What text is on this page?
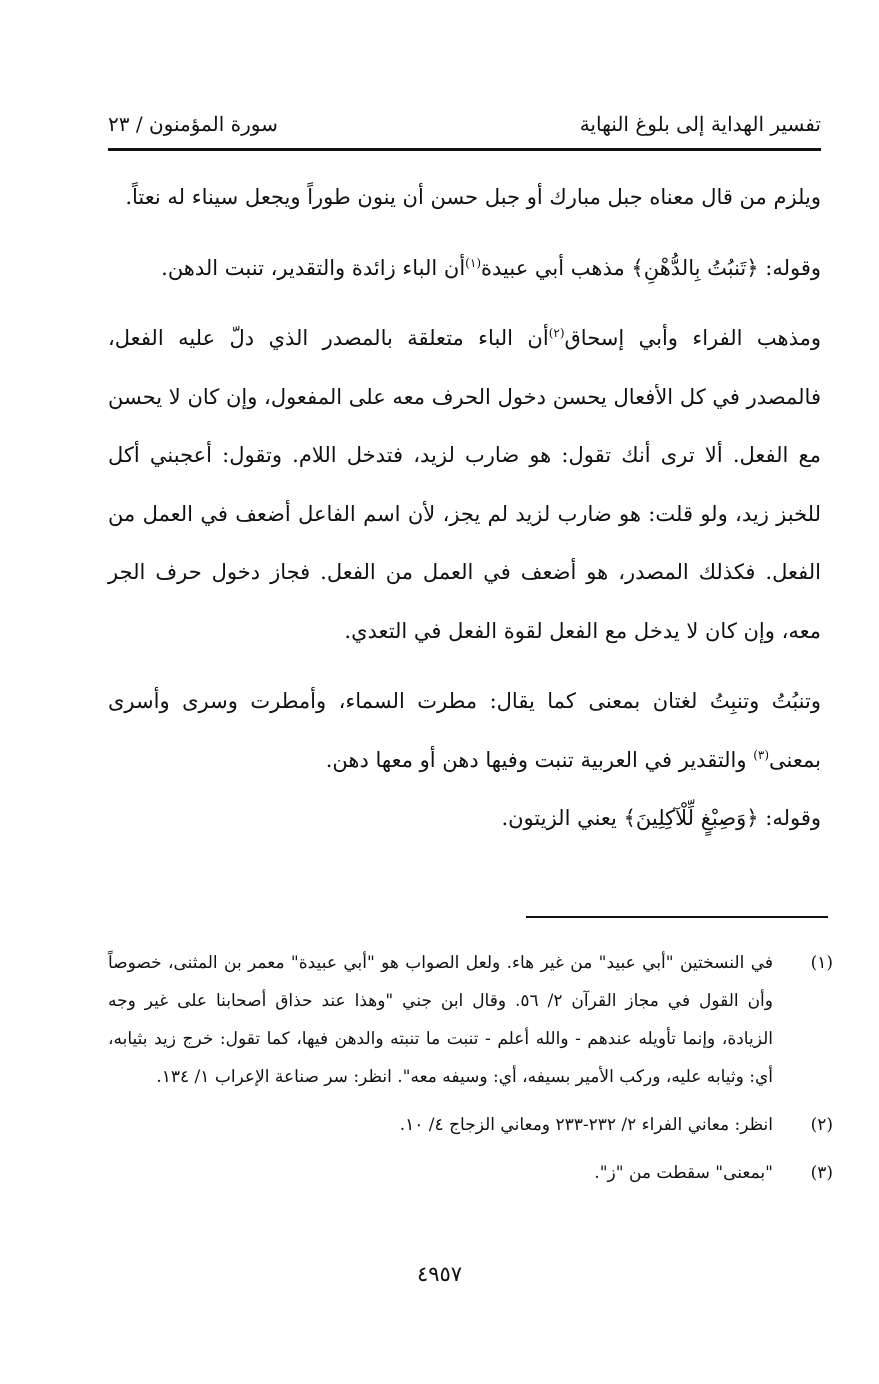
تفسير الهداية إلى بلوغ النهاية
سورة المؤمنون / ٢٣

ويلزم من قال معناه جبل مبارك أو جبل حسن أن ينون طوراً ويجعل سيناء له نعتاً.

وقوله: ﴿تَنبُتُ بِالدُّهْنِ﴾ مذهب أبي عبيدة$^{(١)}$أن الباء زائدة والتقدير، تنبت الدهن.

ومذهب الفراء وأبي إسحاق$^{(٢)}$أن الباء متعلقة بالمصدر الذي دلّ عليه الفعل، فالمصدر في كل الأفعال يحسن دخول الحرف معه على المفعول، وإن كان لا يحسن مع الفعل. ألا ترى أنك تقول: هو ضارب لزيد، فتدخل اللام. وتقول: أعجبني أكل للخبز زيد، ولو قلت: هو ضارب لزيد لم يجز، لأن اسم الفاعل أضعف في العمل من الفعل. فكذلك المصدر، هو أضعف في العمل من الفعل. فجاز دخول حرف الجر معه، وإن كان لا يدخل مع الفعل لقوة الفعل في التعدي.

وتنبُتُ وتنبِتُ لغتان بمعنى كما يقال: مطرت السماء، وأمطرت وسرى وأسرى بمعنى$^{(٣)}$ والتقدير في العربية تنبت وفيها دهن أو معها دهن.

وقوله: ﴿وَصِبْغٍ لِّلْآكِلِينَ﴾ يعني الزيتون.

(١)
في النسختين "أبي عبيد" من غير هاء. ولعل الصواب هو "أبي عبيدة" معمر بن المثنى، خصوصاً وأن القول في مجاز القرآن ٢/ ٥٦. وقال ابن جني "وهذا عند حذاق أصحابنا على غير وجه الزيادة، وإنما تأويله عندهم - والله أعلم - تنبت ما تنبته والدهن فيها، كما تقول: خرج زيد بثيابه، أي: وثيابه عليه، وركب الأمير بسيفه، أي: وسيفه معه". انظر: سر صناعة الإعراب ١/ ١٣٤.
(٢)
انظر: معاني الفراء ٢/ ٢٣٢-٢٣٣ ومعاني الزجاج ٤/ ١٠.
(٣)
"بمعنى" سقطت من "ز".
٤٩٥٧
